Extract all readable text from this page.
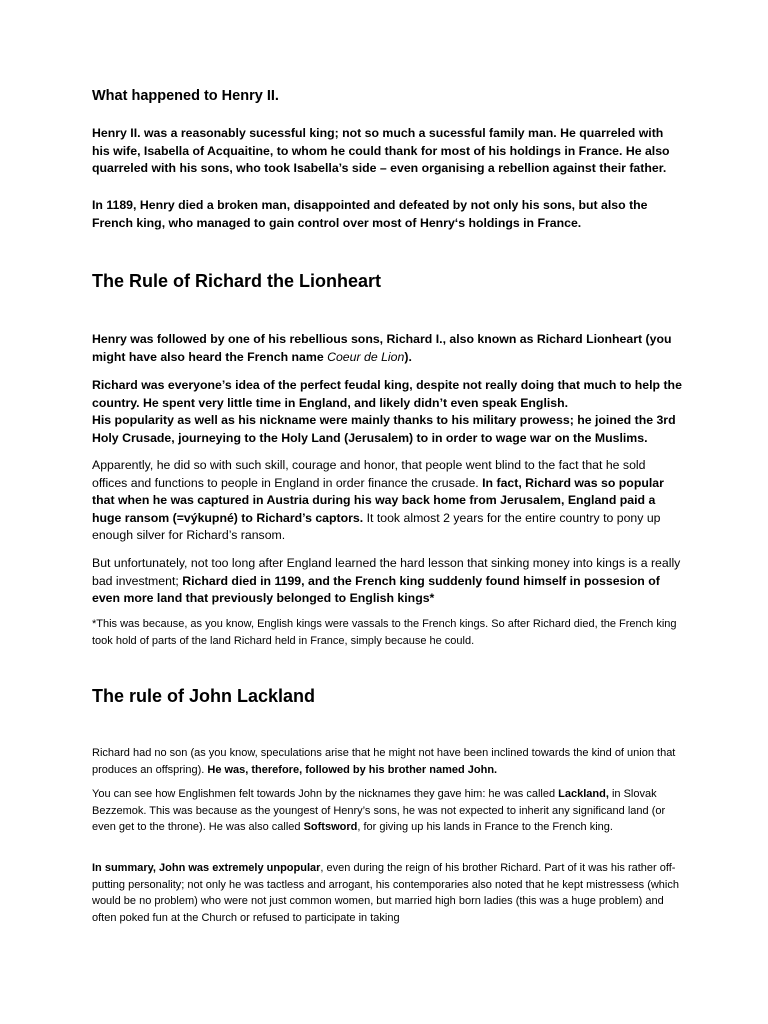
What happened to Henry II.

Henry II. was a reasonably sucessful king; not so much a sucessful family man. He quarreled with his wife, Isabella of Acquaitine, to whom he could thank for most of his holdings in France. He also quarreled with his sons, who took Isabella’s side – even organising a rebellion against their father.

In 1189, Henry died a broken man, disappointed and defeated by not only his sons, but also the French king, who managed to gain control over most of Henry‘s holdings in France.

The Rule of Richard the Lionheart

Henry was followed by one of his rebellious sons, Richard I., also known as Richard Lionheart (you might have also heard the French name Coeur de Lion).

Richard was everyone’s idea of the perfect feudal king, despite not really doing that much to help the country. He spent very little time in England, and likely didn’t even speak English.
His popularity as well as his nickname were mainly thanks to his military prowess; he joined the 3rd Holy Crusade, journeying to the Holy Land (Jerusalem) to in order to wage war on the Muslims.

Apparently, he did so with such skill, courage and honor, that people went blind to the fact that he sold offices and functions to people in England in order finance the crusade. In fact, Richard was so popular that when he was captured in Austria during his way back home from Jerusalem, England paid a huge ransom (=výkupné) to Richard’s captors. It took almost 2 years for the entire country to pony up enough silver for Richard’s ransom.

But unfortunately, not too long after England learned the hard lesson that sinking money into kings is a really bad investment; Richard died in 1199, and the French king suddenly found himself in possesion of even more land that previously belonged to English kings*

*This was because, as you know, English kings were vassals to the French kings. So after Richard died, the French king took hold of parts of the land Richard held in France, simply because he could.

The rule of John Lackland

Richard had no son (as you know, speculations arise that he might not have been inclined towards the kind of union that produces an offspring). He was, therefore, followed by his brother named John.

You can see how Englishmen felt towards John by the nicknames they gave him: he was called Lackland, in Slovak Bezzemok. This was because as the youngest of Henry’s sons, he was not expected to inherit any significand land (or even get to the throne). He was also called Softsword, for giving up his lands in France to the French king.

In summary, John was extremely unpopular, even during the reign of his brother Richard. Part of it was his rather off-putting personality; not only he was tactless and arrogant, his contemporaries also noted that he kept mistressess (which would be no problem) who were not just common women, but married high born ladies (this was a huge problem) and often poked fun at the Church or refused to participate in taking
